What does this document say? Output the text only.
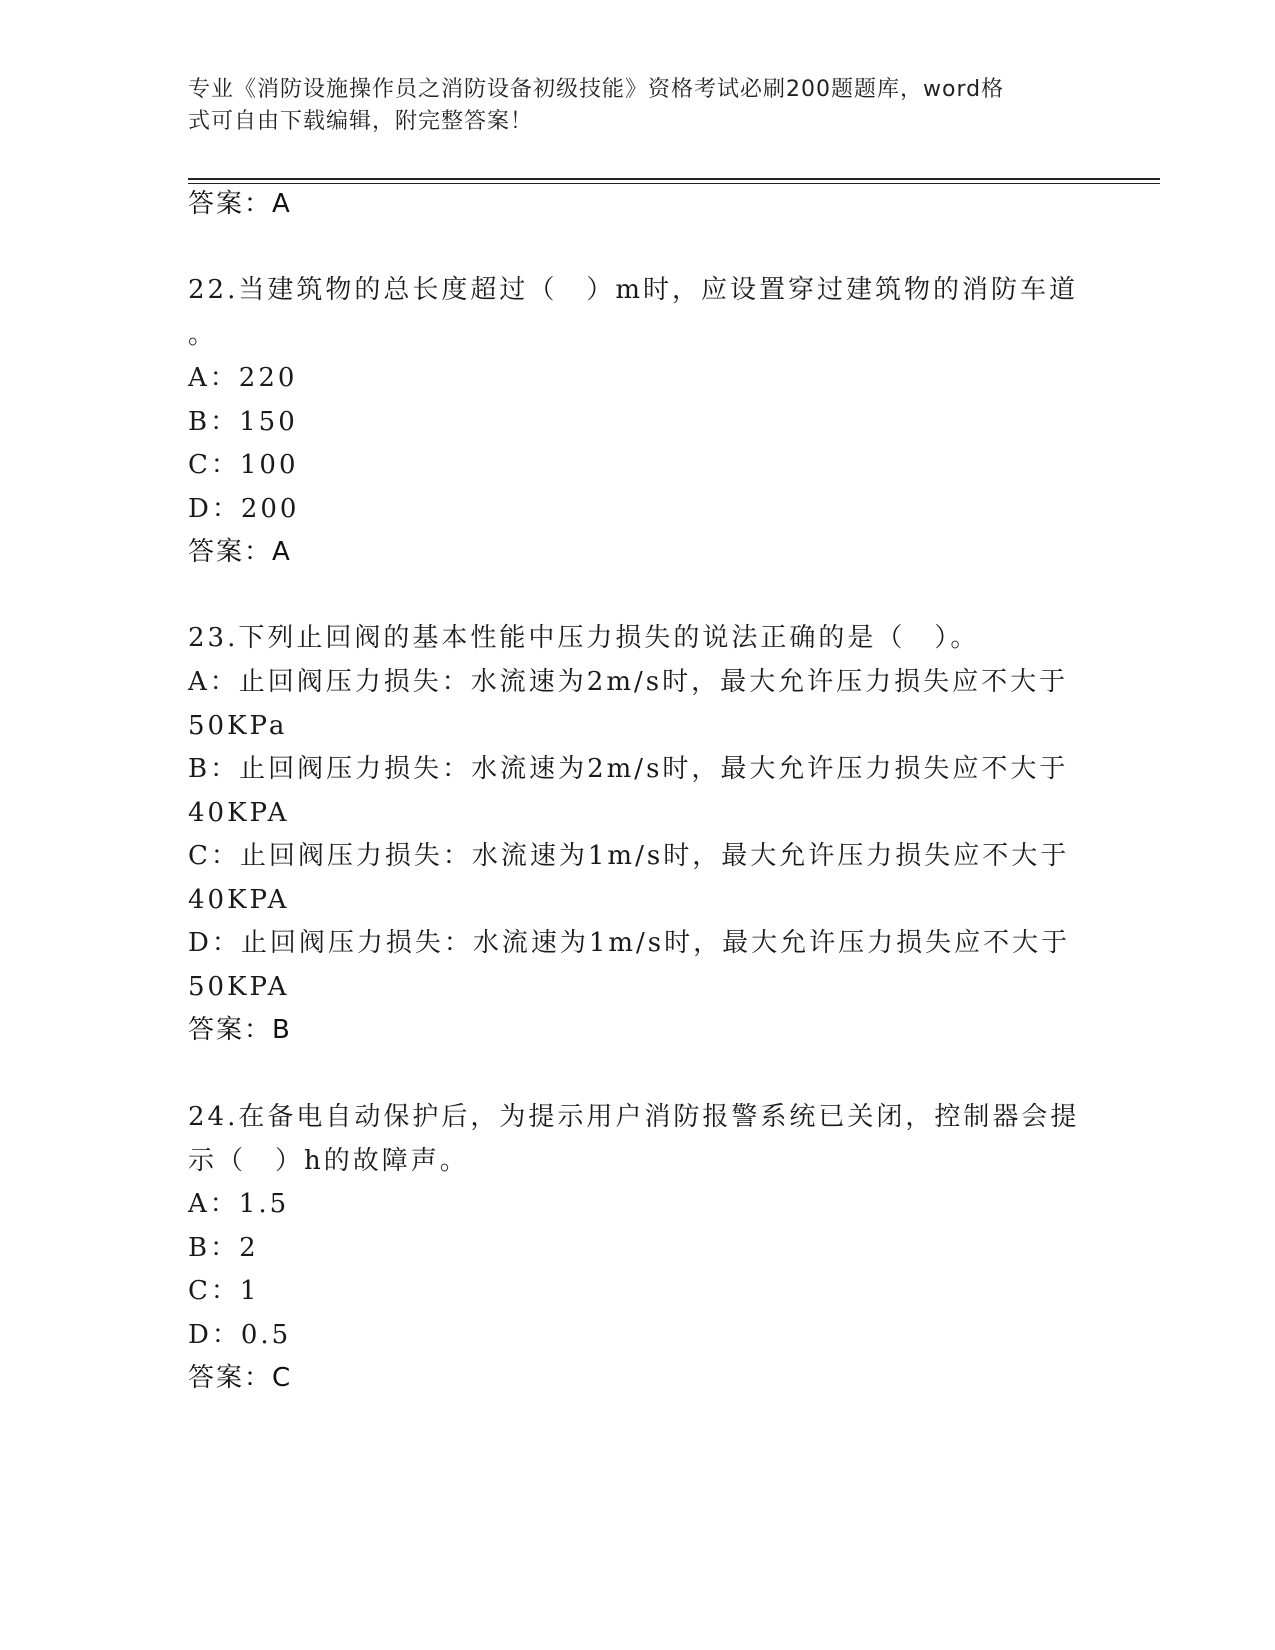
专业《消防设施操作员之消防设备初级技能》资格考试必刷200题题库，word格
式可自由下载编辑，附完整答案！
答案：A
22.当建筑物的总长度超过（　）m时，应设置穿过建筑物的消防车道
。
A：220
B：150
C：100
D：200
答案：A
23.下列止回阀的基本性能中压力损失的说法正确的是（　）。
A：止回阀压力损失：水流速为2m/s时，最大允许压力损失应不大于
50KPa
B：止回阀压力损失：水流速为2m/s时，最大允许压力损失应不大于
40KPA
C：止回阀压力损失：水流速为1m/s时，最大允许压力损失应不大于
40KPA
D：止回阀压力损失：水流速为1m/s时，最大允许压力损失应不大于
50KPA
答案：B
24.在备电自动保护后，为提示用户消防报警系统已关闭，控制器会提
示（　）h的故障声。
A：1.5
B：2
C：1
D：0.5
答案：C
